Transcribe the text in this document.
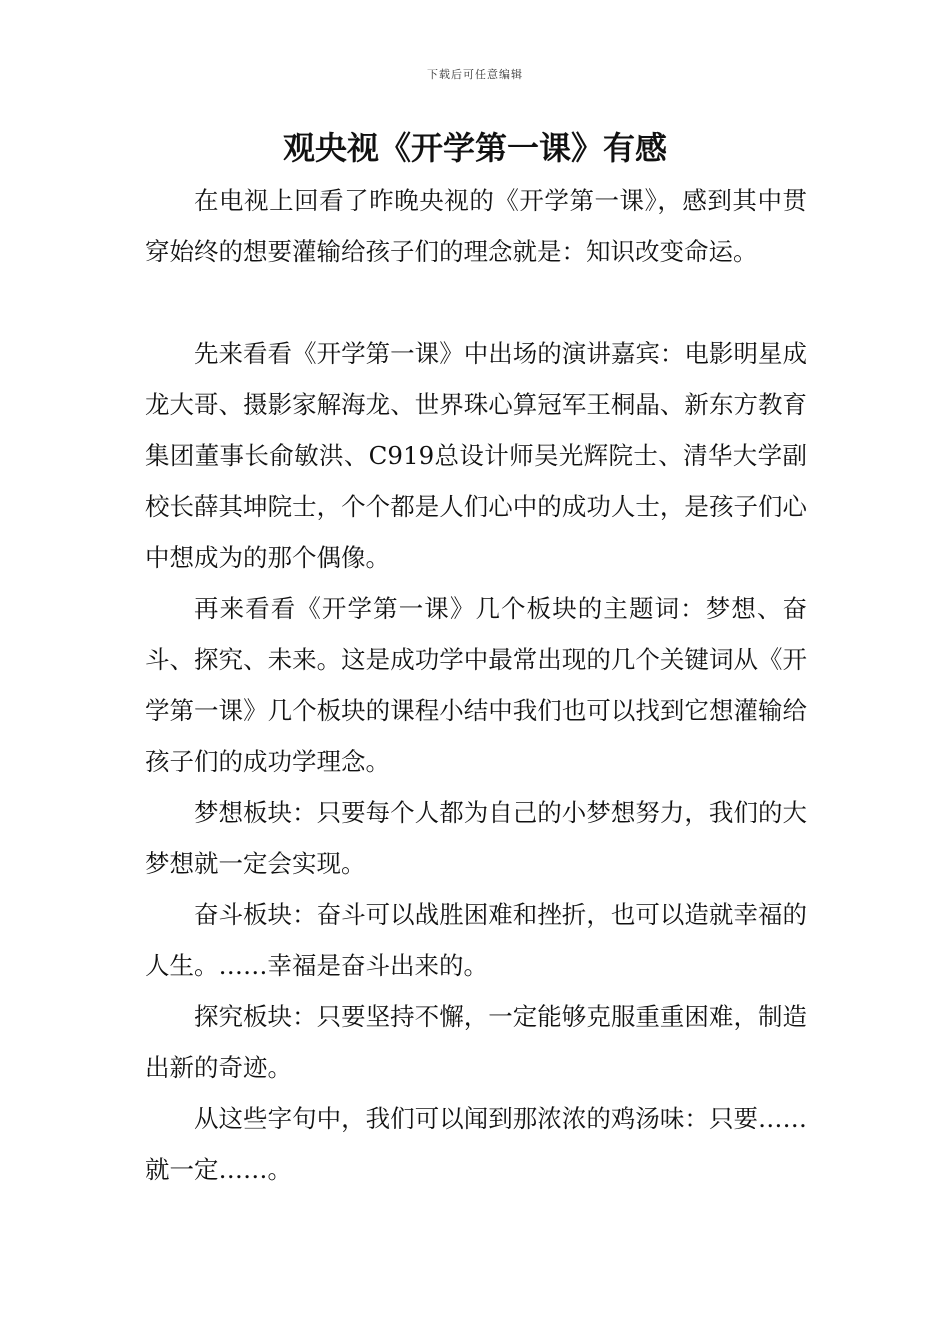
下载后可任意编辑
观央视《开学第一课》有感

在电视上回看了昨晚央视的《开学第一课》，感到其中贯穿始终的想要灌输给孩子们的理念就是：知识改变命运。

先来看看《开学第一课》中出场的演讲嘉宾：电影明星成龙大哥、摄影家解海龙、世界珠心算冠军王桐晶、新东方教育集团董事长俞敏洪、C919总设计师吴光辉院士、清华大学副校长薛其坤院士，个个都是人们心中的成功人士，是孩子们心中想成为的那个偶像。

再来看看《开学第一课》几个板块的主题词：梦想、奋斗、探究、未来。这是成功学中最常出现的几个关键词从《开学第一课》几个板块的课程小结中我们也可以找到它想灌输给孩子们的成功学理念。

梦想板块：只要每个人都为自己的小梦想努力，我们的大梦想就一定会实现。

奋斗板块：奋斗可以战胜困难和挫折，也可以造就幸福的人生。……幸福是奋斗出来的。

探究板块：只要坚持不懈，一定能够克服重重困难，制造出新的奇迹。

从这些字句中，我们可以闻到那浓浓的鸡汤味：只要……就一定……。
